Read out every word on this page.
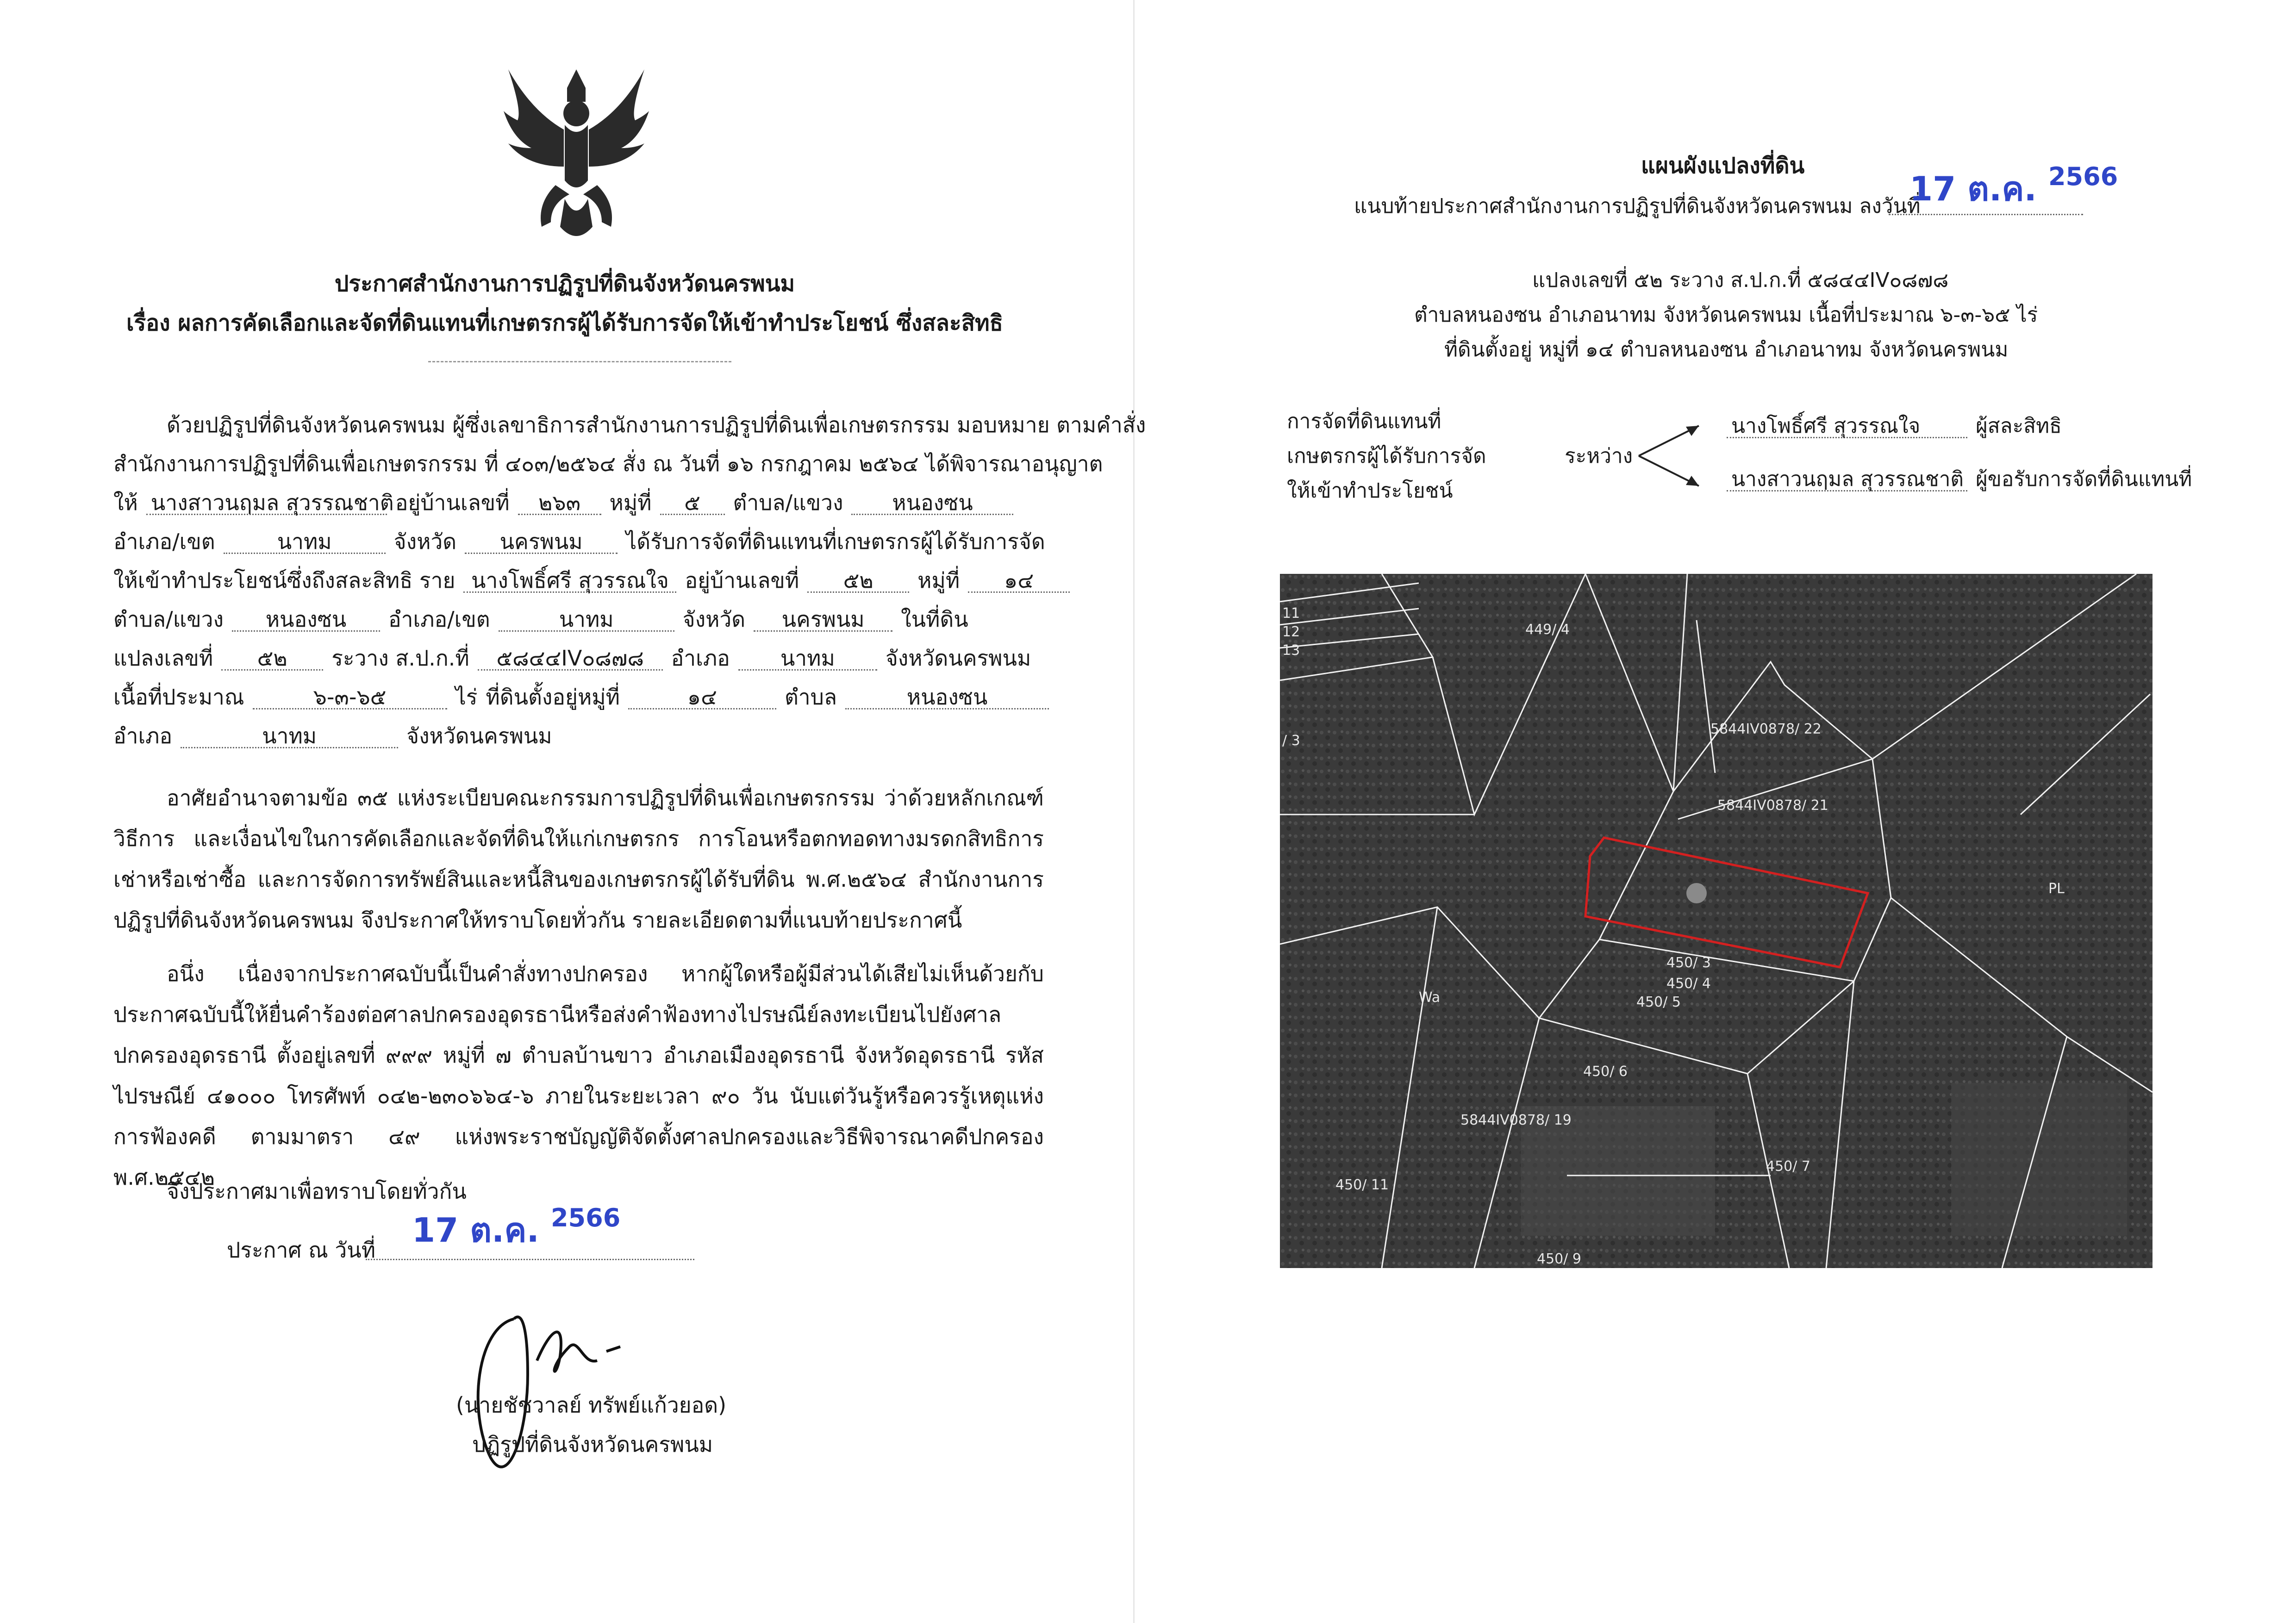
ประกาศสำนักงานการปฏิรูปที่ดินจังหวัดนครพนม
เรื่อง ผลการคัดเลือกและจัดที่ดินแทนที่เกษตรกรผู้ได้รับการจัดให้เข้าทำประโยชน์ ซึ่งสละสิทธิ
ด้วยปฏิรูปที่ดินจังหวัดนครพนม ผู้ซึ่งเลขาธิการสำนักงานการปฏิรูปที่ดินเพื่อเกษตรกรรม มอบหมาย ตามคำสั่ง
สำนักงานการปฏิรูปที่ดินเพื่อเกษตรกรรม ที่ ๔๐๓/๒๕๖๔ สั่ง ณ วันที่ ๑๖ กรกฎาคม ๒๕๖๔ ได้พิจารณาอนุญาต
ให้ นางสาวนฤมล สุวรรณชาติ อยู่บ้านเลขที่	๒๖๓	หมู่ที่	๕	ตำบล/แขวง	หนองซน
อำเภอ/เขต	นาทม	จังหวัด	นครพนม	ได้รับการจัดที่ดินแทนที่เกษตรกรผู้ได้รับการจัด
ให้เข้าทำประโยชน์ซึ่งถึงสละสิทธิ ราย นางโพธิ์ศรี สุวรรณใจ อยู่บ้านเลขที่	๕๒	หมู่ที่	๑๔
ตำบล/แขวง	หนองซน	อำเภอ/เขต	นาทม	จังหวัด	นครพนม	ในที่ดิน
แปลงเลขที่	๕๒	ระวาง ส.ป.ก.ที่	๕๘๔๔IV๐๘๗๘	อำเภอ	นาทม	จังหวัดนครพนม
เนื้อที่ประมาณ	๖-๓-๖๕	ไร่ ที่ดินตั้งอยู่หมู่ที่	๑๔	ตำบล	หนองซน
อำเภอ	นาทม	จังหวัดนครพนม
อาศัยอำนาจตามข้อ ๓๕ แห่งระเบียบคณะกรรมการปฏิรูปที่ดินเพื่อเกษตรกรรม ว่าด้วยหลักเกณฑ์ วิธีการ และเงื่อนไขในการคัดเลือกและจัดที่ดินให้แก่เกษตรกร การโอนหรือตกทอดทางมรดกสิทธิการเช่าหรือเช่าซื้อ และการจัดการทรัพย์สินและหนี้สินของเกษตรกรผู้ได้รับที่ดิน พ.ศ.๒๕๖๔ สำนักงานการปฏิรูปที่ดินจังหวัดนครพนม จึงประกาศให้ทราบโดยทั่วกัน รายละเอียดตามที่แนบท้ายประกาศนี้
อนึ่ง เนื่องจากประกาศฉบับนี้เป็นคำสั่งทางปกครอง หากผู้ใดหรือผู้มีส่วนได้เสียไม่เห็นด้วยกับประกาศฉบับนี้ให้ยื่นคำร้องต่อศาลปกครองอุดรธานีหรือส่งคำฟ้องทางไปรษณีย์ลงทะเบียนไปยังศาลปกครองอุดรธานี ตั้งอยู่เลขที่ ๙๙๙ หมู่ที่ ๗ ตำบลบ้านขาว อำเภอเมืองอุดรธานี จังหวัดอุดรธานี รหัสไปรษณีย์ ๔๑๐๐๐ โทรศัพท์ ๐๔๒-๒๓๐๖๖๔-๖ ภายในระยะเวลา ๙๐ วัน นับแต่วันรู้หรือควรรู้เหตุแห่งการฟ้องคดี ตามมาตรา ๔๙ แห่งพระราชบัญญัติจัดตั้งศาลปกครองและวิธีพิจารณาคดีปกครอง พ.ศ.๒๕๔๒
จึงประกาศมาเพื่อทราบโดยทั่วกัน
ประกาศ ณ วันที่
17 ต.ค. $^{2566}$
(นายชัชวาลย์ ทรัพย์แก้วยอด)
ปฏิรูปที่ดินจังหวัดนครพนม
แผนผังแปลงที่ดิน
แนบท้ายประกาศสำนักงานการปฏิรูปที่ดินจังหวัดนครพนม ลงวันที่
17 ต.ค. $^{2566}$
แปลงเลขที่ ๕๒ ระวาง ส.ป.ก.ที่ ๕๘๔๔IV๐๘๗๘
ตำบลหนองซน อำเภอนาทม จังหวัดนครพนม เนื้อที่ประมาณ ๖-๓-๖๕ ไร่
ที่ดินตั้งอยู่ หมู่ที่ ๑๔ ตำบลหนองซน อำเภอนาทม จังหวัดนครพนม
การจัดที่ดินแทนที่
เกษตรกรผู้ได้รับการจัด
ให้เข้าทำประโยชน์
ระหว่าง
นางโพธิ์ศรี สุวรรณใจ	ผู้สละสิทธิ
นางสาวนฤมล สุวรรณชาติ ผู้ขอรับการจัดที่ดินแทนที่
11
12
13
449/ 4
/ 3
5844IV0878/ 22
5844IV0878/ 21
PL
450/ 3
450/ 4
450/ 5
Wa
450/ 6
5844IV0878/ 19
450/ 7
450/ 11
450/ 9
